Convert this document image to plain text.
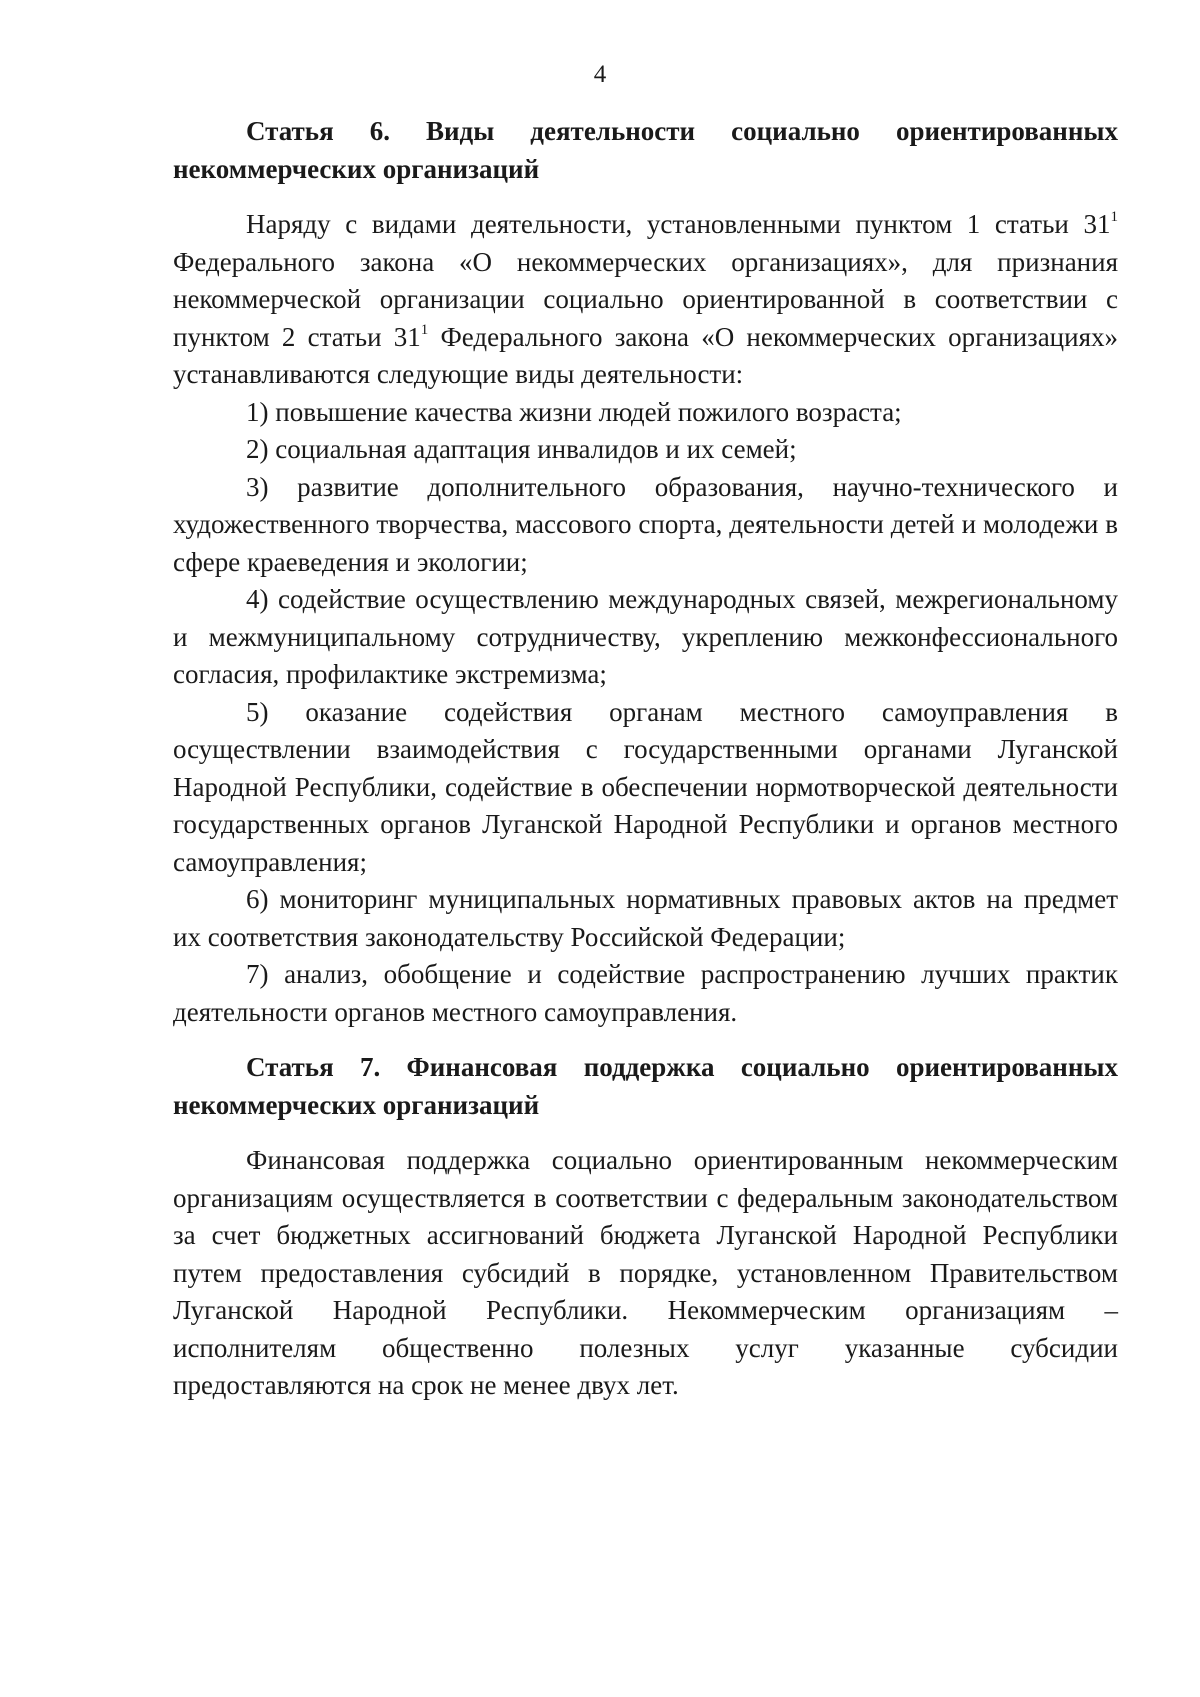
4

Статья 6. Виды деятельности социально ориентированных некоммерческих организаций

Наряду с видами деятельности, установленными пунктом 1 статьи $31^1$ Федерального закона «О некоммерческих организациях», для признания некоммерческой организации социально ориентированной в соответствии с пунктом 2 статьи $31^1$ Федерального закона «О некоммерческих организациях» устанавливаются следующие виды деятельности:

1) повышение качества жизни людей пожилого возраста;

2) социальная адаптация инвалидов и их семей;

3) развитие дополнительного образования, научно-технического и художественного творчества, массового спорта, деятельности детей и молодежи в сфере краеведения и экологии;

4) содействие осуществлению международных связей, межрегиональному и межмуниципальному сотрудничеству, укреплению межконфессионального согласия, профилактике экстремизма;

5) оказание содействия органам местного самоуправления в осуществлении взаимодействия с государственными органами Луганской Народной Республики, содействие в обеспечении нормотворческой деятельности государственных органов Луганской Народной Республики и органов местного самоуправления;

6) мониторинг муниципальных нормативных правовых актов на предмет их соответствия законодательству Российской Федерации;

7) анализ, обобщение и содействие распространению лучших практик деятельности органов местного самоуправления.

Статья 7. Финансовая поддержка социально ориентированных некоммерческих организаций

Финансовая поддержка социально ориентированным некоммерческим организациям осуществляется в соответствии с федеральным законодательством за счет бюджетных ассигнований бюджета Луганской Народной Республики путем предоставления субсидий в порядке, установленном Правительством Луганской Народной Республики. Некоммерческим организациям – исполнителям общественно полезных услуг указанные субсидии предоставляются на срок не менее двух лет.
